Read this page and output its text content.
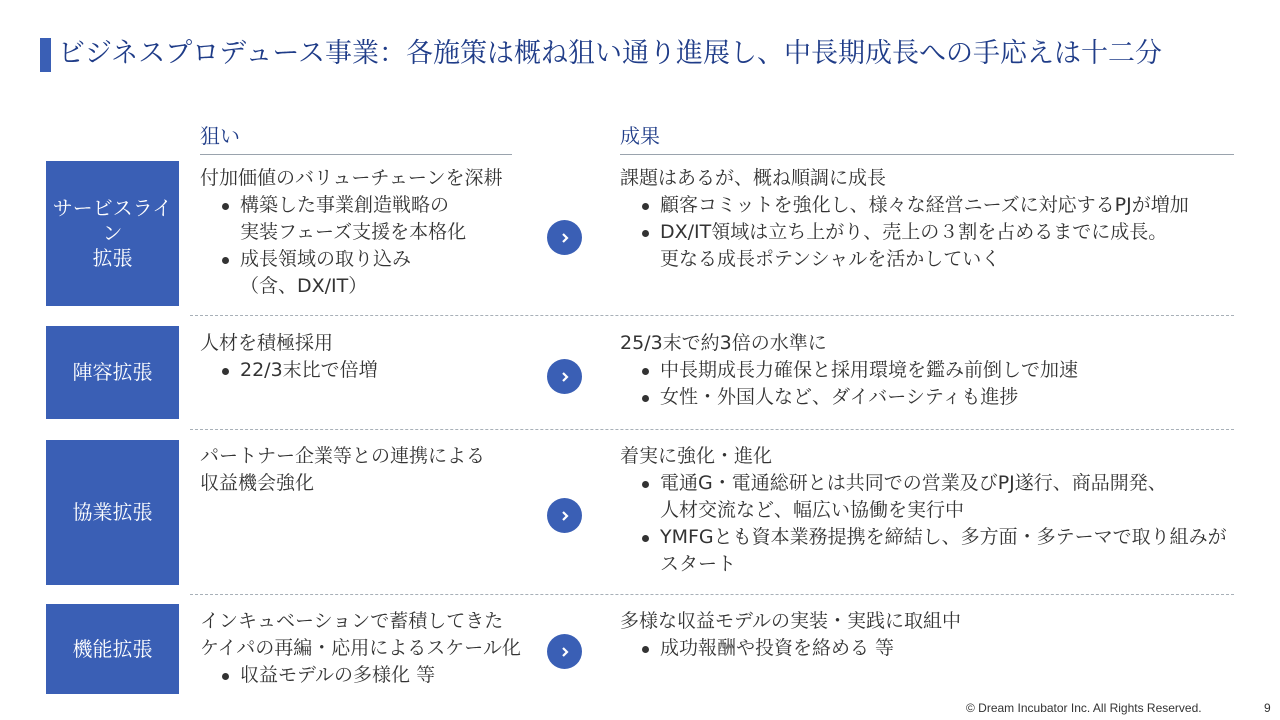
ビジネスプロデュース事業：各施策は概ね狙い通り進展し、中長期成長への手応えは十二分
狙い	成果
サービスライン
拡張
付加価値のバリューチェーンを深耕
構築した事業創造戦略の
実装フェーズ支援を本格化
成長領域の取り込み
（含、DX/IT）
課題はあるが、概ね順調に成長
顧客コミットを強化し、様々な経営ニーズに対応するPJが増加
DX/IT領域は立ち上がり、売上の３割を占めるまでに成長。
更なる成長ポテンシャルを活かしていく
陣容拡張
人材を積極採用
22/3末比で倍増
25/3末で約3倍の水準に
中長期成長力確保と採用環境を鑑み前倒しで加速
女性・外国人など、ダイバーシティも進捗
協業拡張
パートナー企業等との連携による
収益機会強化
着実に強化・進化
電通G・電通総研とは共同での営業及びPJ遂行、商品開発、
人材交流など、幅広い協働を実行中
YMFGとも資本業務提携を締結し、多方面・多テーマで取り組みが
スタート
機能拡張
インキュベーションで蓄積してきた
ケイパの再編・応用によるスケール化
収益モデルの多様化 等
多様な収益モデルの実装・実践に取組中
成功報酬や投資を絡める 等
© Dream Incubator Inc. All Rights Reserved.	9
